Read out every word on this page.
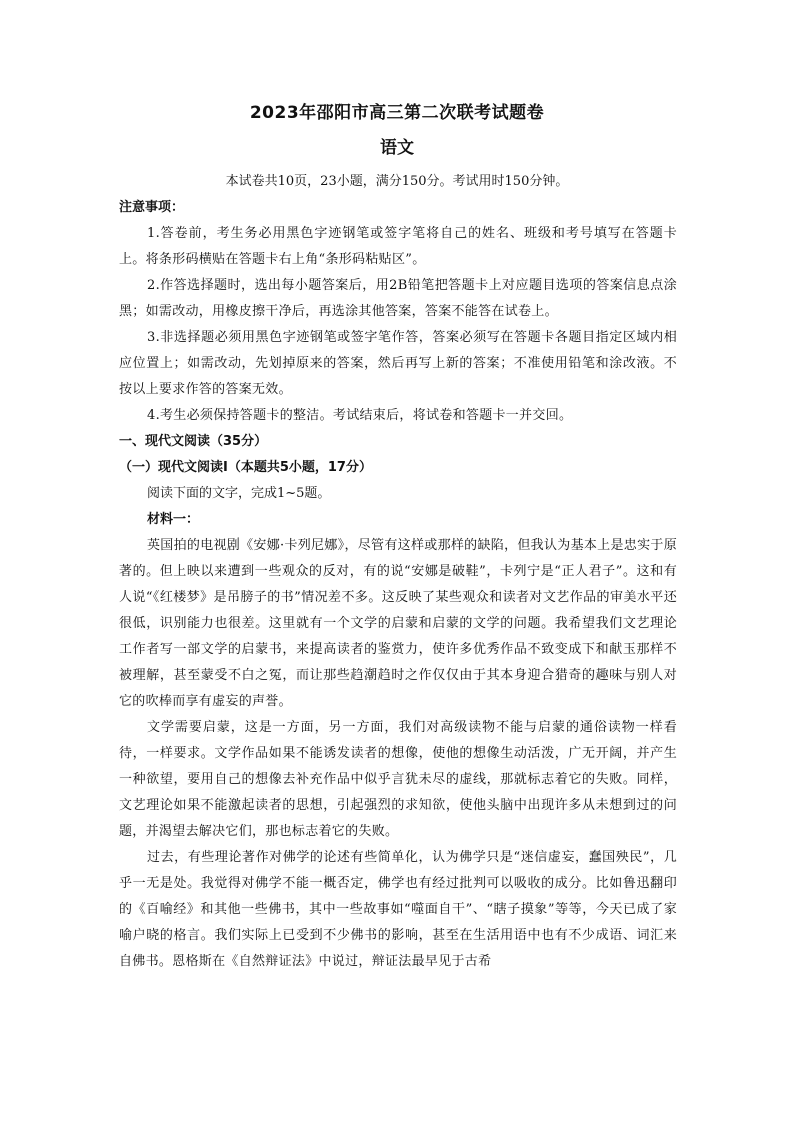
2023年邵阳市高三第二次联考试题卷
语文
本试卷共10页，23小题，满分150分。考试用时150分钟。

注意事项：

1.答卷前，考生务必用黑色字迹钢笔或签字笔将自己的姓名、班级和考号填写在答题卡上。将条形码横贴在答题卡右上角“条形码粘贴区”。

2.作答选择题时，选出每小题答案后，用2B铅笔把答题卡上对应题目选项的答案信息点涂黑；如需改动，用橡皮擦干净后，再选涂其他答案，答案不能答在试卷上。

3.非选择题必须用黑色字迹钢笔或签字笔作答，答案必须写在答题卡各题目指定区域内相应位置上；如需改动，先划掉原来的答案，然后再写上新的答案；不准使用铅笔和涂改液。不按以上要求作答的答案无效。

4.考生必须保持答题卡的整洁。考试结束后，将试卷和答题卡一并交回。

一、现代文阅读（35分）

（一）现代文阅读Ⅰ（本题共5小题，17分）

阅读下面的文字，完成1~5题。

材料一：

英国拍的电视剧《安娜·卡列尼娜》，尽管有这样或那样的缺陷，但我认为基本上是忠实于原著的。但上映以来遭到一些观众的反对，有的说“安娜是破鞋”，卡列宁是“正人君子”。这和有人说“《红楼梦》是吊膀子的书”情况差不多。这反映了某些观众和读者对文艺作品的审美水平还很低，识别能力也很差。这里就有一个文学的启蒙和启蒙的文学的问题。我希望我们文艺理论工作者写一部文学的启蒙书，来提高读者的鉴赏力，使许多优秀作品不致变成下和献玉那样不被理解，甚至蒙受不白之冤，而让那些趋潮趋时之作仅仅由于其本身迎合猎奇的趣味与别人对它的吹棒而享有虚妄的声誉。

文学需要启蒙，这是一方面，另一方面，我们对高级读物不能与启蒙的通俗读物一样看待，一样要求。文学作品如果不能诱发读者的想像，使他的想像生动活泼，广无开阔，并产生一种欲望，要用自己的想像去补充作品中似乎言犹未尽的虚线，那就标志着它的失败。同样，文艺理论如果不能激起读者的思想，引起强烈的求知欲，使他头脑中出现许多从未想到过的问题，并渴望去解决它们，那也标志着它的失败。

过去，有些理论著作对佛学的论述有些简单化，认为佛学只是“迷信虚妄，蠢国殃民”，几乎一无是处。我觉得对佛学不能一概否定，佛学也有经过批判可以吸收的成分。比如鲁迅翻印的《百喻经》和其他一些佛书，其中一些故事如“噬面自干”、“瞎子摸象”等等，今天已成了家喻户晓的格言。我们实际上已受到不少佛书的影响，甚至在生活用语中也有不少成语、词汇来自佛书。恩格斯在《自然辩证法》中说过，辩证法最早见于古希
